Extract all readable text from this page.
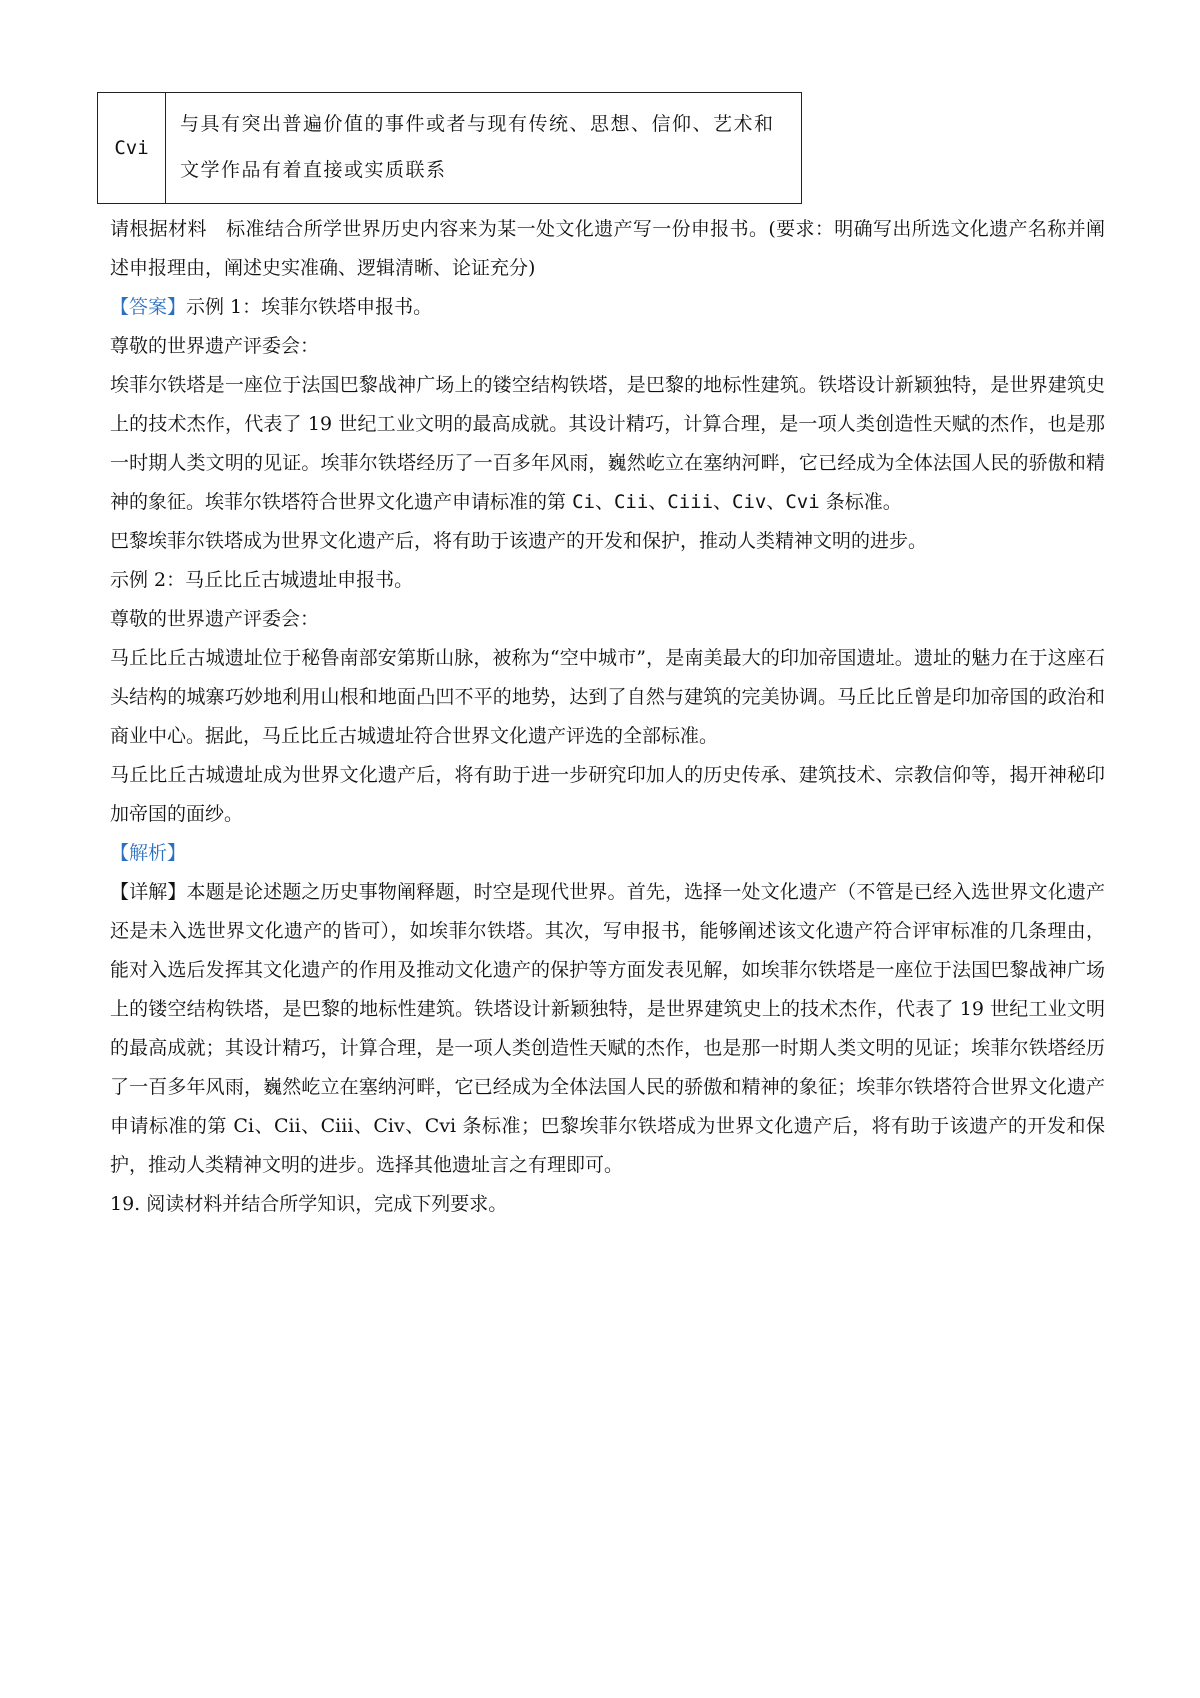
Cvi
与具有突出普遍价值的事件或者与现有传统、思想、信仰、艺术和文学作品有着直接或实质联系

请根据材料　标准结合所学世界历史内容来为某一处文化遗产写一份申报书。(要求：明确写出所选文化遗产名称并阐述申报理由，阐述史实准确、逻辑清晰、论证充分)

【答案】示例 1：埃菲尔铁塔申报书。

尊敬的世界遗产评委会：

埃菲尔铁塔是一座位于法国巴黎战神广场上的镂空结构铁塔，是巴黎的地标性建筑。铁塔设计新颖独特，是世界建筑史上的技术杰作，代表了 19 世纪工业文明的最高成就。其设计精巧，计算合理，是一项人类创造性天赋的杰作，也是那一时期人类文明的见证。埃菲尔铁塔经历了一百多年风雨，巍然屹立在塞纳河畔，它已经成为全体法国人民的骄傲和精神的象征。埃菲尔铁塔符合世界文化遗产申请标准的第 Ci、Cii、Ciii、Civ、Cvi 条标准。

巴黎埃菲尔铁塔成为世界文化遗产后，将有助于该遗产的开发和保护，推动人类精神文明的进步。

示例 2：马丘比丘古城遗址申报书。

尊敬的世界遗产评委会：

马丘比丘古城遗址位于秘鲁南部安第斯山脉，被称为“空中城市”，是南美最大的印加帝国遗址。遗址的魅力在于这座石头结构的城寨巧妙地利用山根和地面凸凹不平的地势，达到了自然与建筑的完美协调。马丘比丘曾是印加帝国的政治和商业中心。据此，马丘比丘古城遗址符合世界文化遗产评选的全部标准。

马丘比丘古城遗址成为世界文化遗产后，将有助于进一步研究印加人的历史传承、建筑技术、宗教信仰等，揭开神秘印加帝国的面纱。

【解析】

【详解】本题是论述题之历史事物阐释题，时空是现代世界。首先，选择一处文化遗产（不管是已经入选世界文化遗产还是未入选世界文化遗产的皆可），如埃菲尔铁塔。其次，写申报书，能够阐述该文化遗产符合评审标准的几条理由，能对入选后发挥其文化遗产的作用及推动文化遗产的保护等方面发表见解，如埃菲尔铁塔是一座位于法国巴黎战神广场上的镂空结构铁塔，是巴黎的地标性建筑。铁塔设计新颖独特，是世界建筑史上的技术杰作，代表了 19 世纪工业文明的最高成就；其设计精巧，计算合理，是一项人类创造性天赋的杰作，也是那一时期人类文明的见证；埃菲尔铁塔经历了一百多年风雨，巍然屹立在塞纳河畔，它已经成为全体法国人民的骄傲和精神的象征；埃菲尔铁塔符合世界文化遗产申请标准的第 Ci、Cii、Ciii、Civ、Cvi 条标准；巴黎埃菲尔铁塔成为世界文化遗产后，将有助于该遗产的开发和保护，推动人类精神文明的进步。选择其他遗址言之有理即可。

19. 阅读材料并结合所学知识，完成下列要求。
